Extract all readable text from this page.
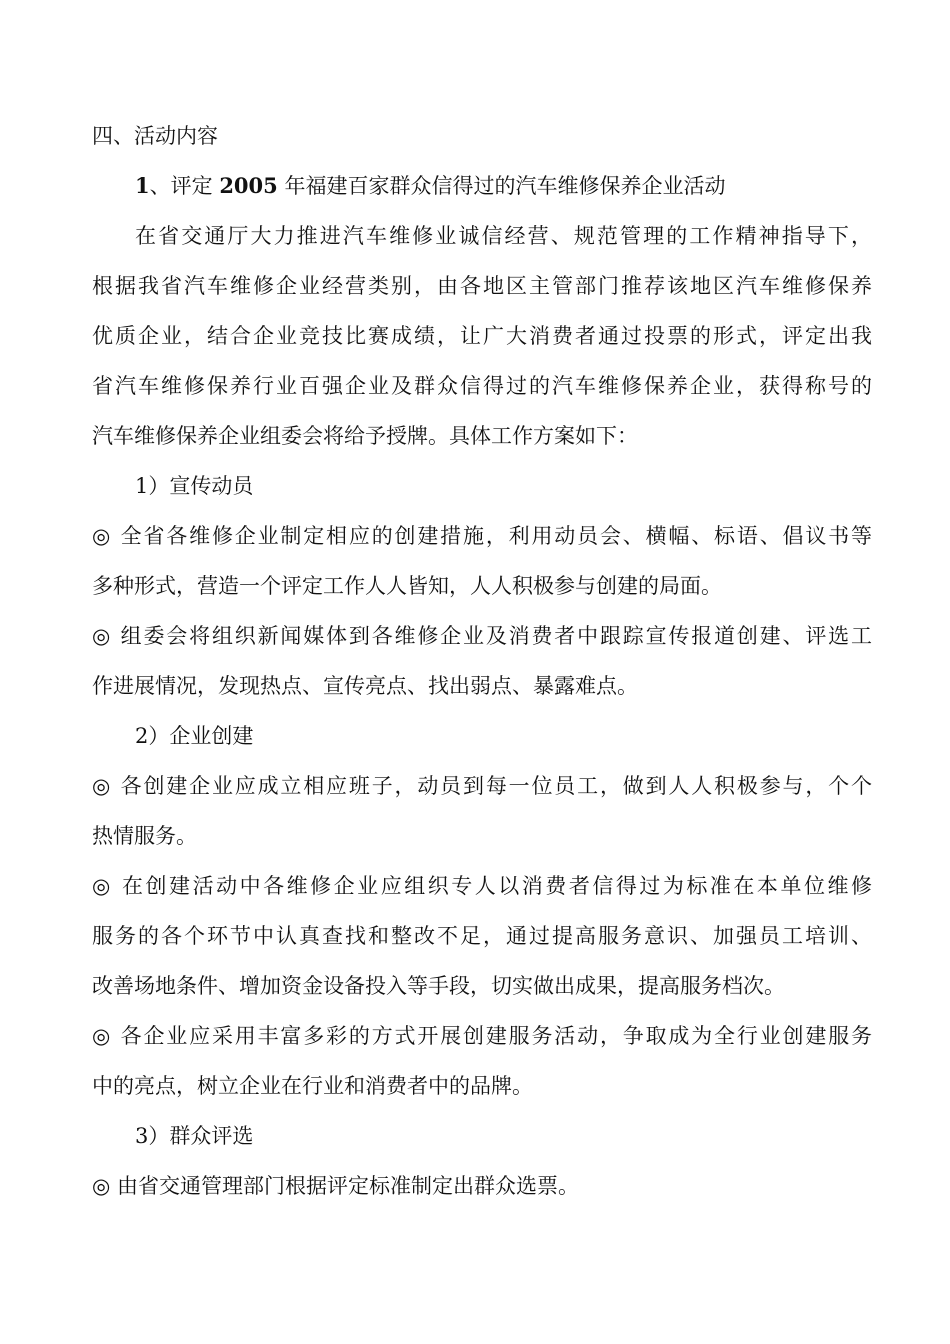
四、活动内容
1、评定 2005 年福建百家群众信得过的汽车维修保养企业活动
在省交通厅大力推进汽车维修业诚信经营、规范管理的工作精神指导下，
根据我省汽车维修企业经营类别，由各地区主管部门推荐该地区汽车维修保养
优质企业，结合企业竞技比赛成绩，让广大消费者通过投票的形式，评定出我
省汽车维修保养行业百强企业及群众信得过的汽车维修保养企业，获得称号的
汽车维修保养企业组委会将给予授牌。具体工作方案如下：
1）宣传动员
◎ 全省各维修企业制定相应的创建措施，利用动员会、横幅、标语、倡议书等
多种形式，营造一个评定工作人人皆知，人人积极参与创建的局面。
◎ 组委会将组织新闻媒体到各维修企业及消费者中跟踪宣传报道创建、评选工
作进展情况，发现热点、宣传亮点、找出弱点、暴露难点。
2）企业创建
◎ 各创建企业应成立相应班子，动员到每一位员工，做到人人积极参与，个个
热情服务。
◎ 在创建活动中各维修企业应组织专人以消费者信得过为标准在本单位维修
服务的各个环节中认真查找和整改不足，通过提高服务意识、加强员工培训、
改善场地条件、增加资金设备投入等手段，切实做出成果，提高服务档次。
◎ 各企业应采用丰富多彩的方式开展创建服务活动，争取成为全行业创建服务
中的亮点，树立企业在行业和消费者中的品牌。
3）群众评选
◎ 由省交通管理部门根据评定标准制定出群众选票。
